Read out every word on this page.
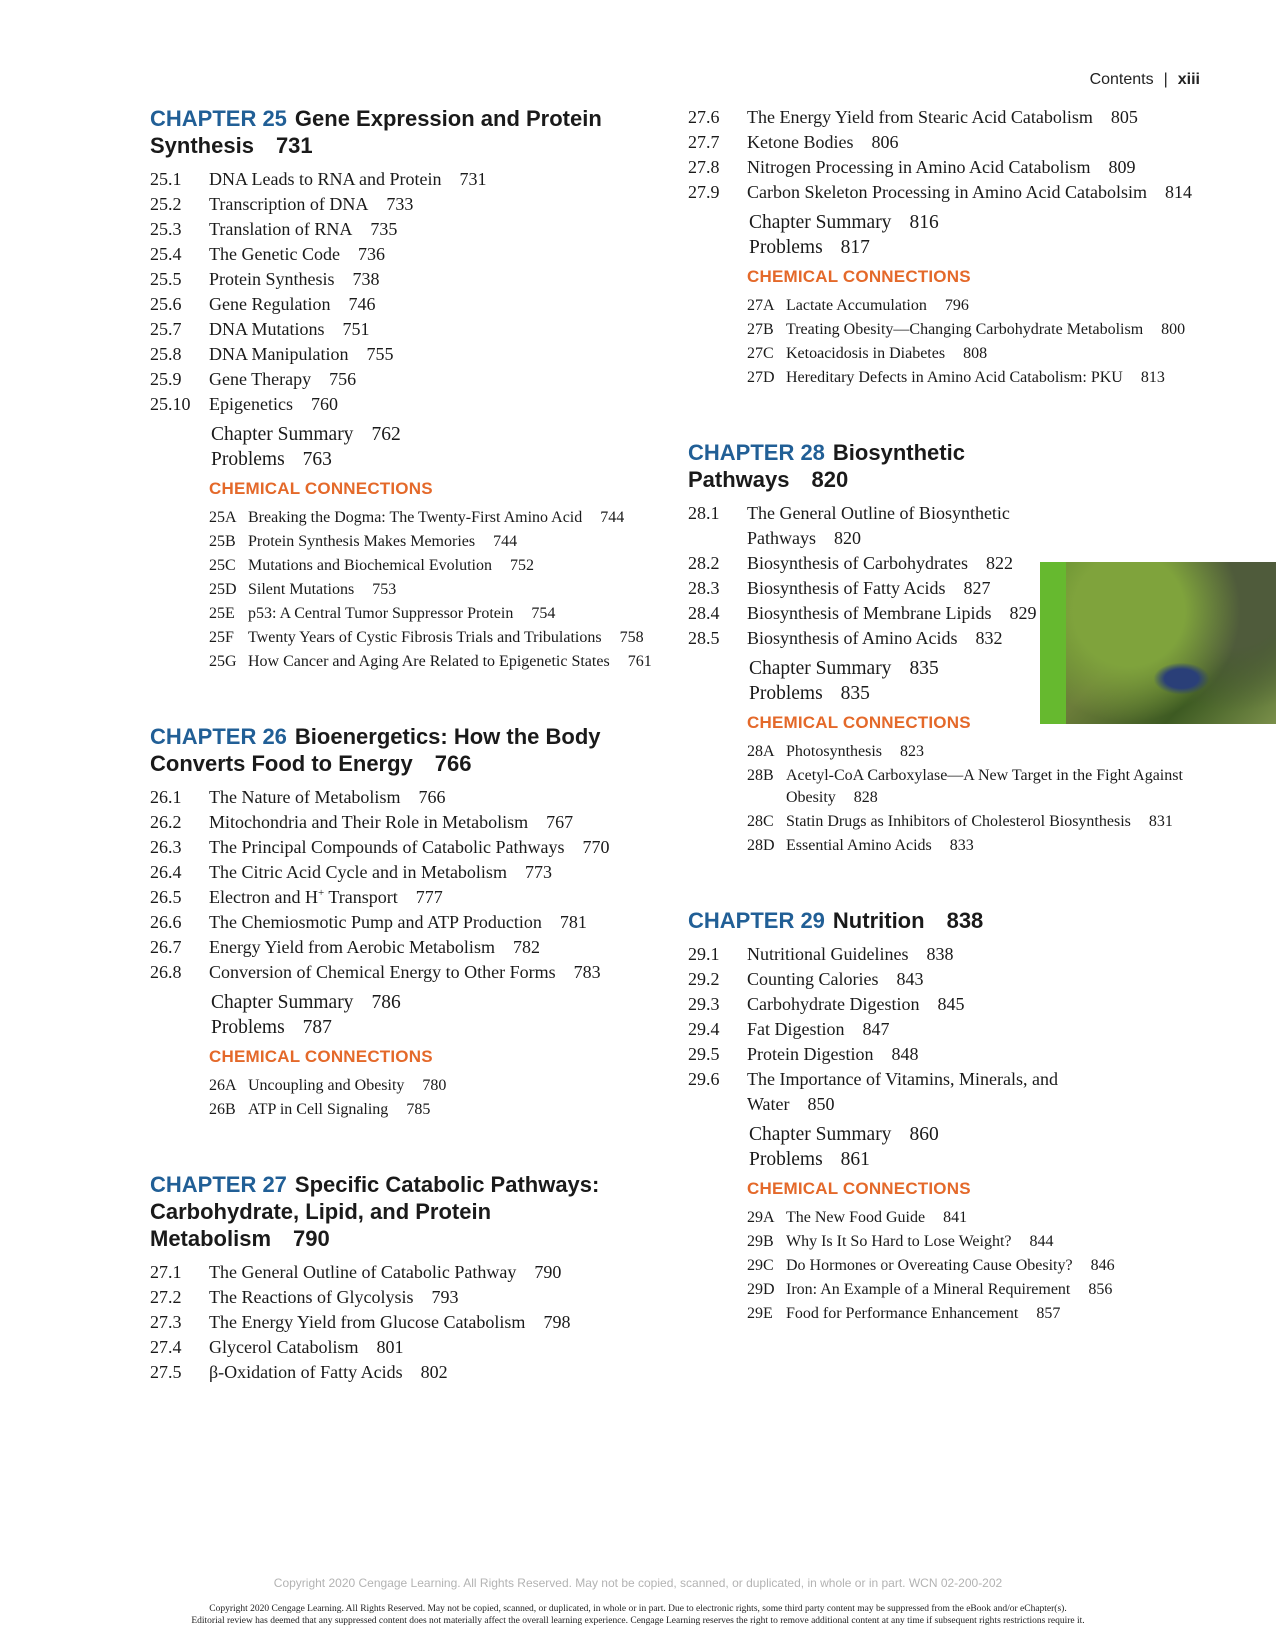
Contents | xiii
CHAPTER 25 Gene Expression and Protein Synthesis 731
25.1	DNA Leads to RNA and Protein 731
25.2	Transcription of DNA 733
25.3	Translation of RNA 735
25.4	The Genetic Code 736
25.5	Protein Synthesis 738
25.6	Gene Regulation 746
25.7	DNA Mutations 751
25.8	DNA Manipulation 755
25.9	Gene Therapy 756
25.10	Epigenetics 760
Chapter Summary 762
Problems 763
CHEMICAL CONNECTIONS
25A Breaking the Dogma: The Twenty-First Amino Acid 744
25B Protein Synthesis Makes Memories 744
25C Mutations and Biochemical Evolution 752
25D Silent Mutations 753
25E p53: A Central Tumor Suppressor Protein 754
25F Twenty Years of Cystic Fibrosis Trials and Tribulations 758
25G How Cancer and Aging Are Related to Epigenetic States 761
CHAPTER 26 Bioenergetics: How the Body Converts Food to Energy 766
26.1	The Nature of Metabolism 766
26.2	Mitochondria and Their Role in Metabolism 767
26.3	The Principal Compounds of Catabolic Pathways 770
26.4	The Citric Acid Cycle and in Metabolism 773
26.5	Electron and H+ Transport 777
26.6	The Chemiosmotic Pump and ATP Production 781
26.7	Energy Yield from Aerobic Metabolism 782
26.8	Conversion of Chemical Energy to Other Forms 783
Chapter Summary 786
Problems 787
CHEMICAL CONNECTIONS
26A Uncoupling and Obesity 780
26B ATP in Cell Signaling 785
CHAPTER 27 Specific Catabolic Pathways: Carbohydrate, Lipid, and Protein Metabolism 790
27.1	The General Outline of Catabolic Pathway 790
27.2	The Reactions of Glycolysis 793
27.3	The Energy Yield from Glucose Catabolism 798
27.4	Glycerol Catabolism 801
27.5	β-Oxidation of Fatty Acids 802
27.6	The Energy Yield from Stearic Acid Catabolism 805
27.7	Ketone Bodies 806
27.8	Nitrogen Processing in Amino Acid Catabolism 809
27.9	Carbon Skeleton Processing in Amino Acid Catabolsim 814
Chapter Summary 816
Problems 817
CHEMICAL CONNECTIONS
27A Lactate Accumulation 796
27B Treating Obesity—Changing Carbohydrate Metabolism 800
27C Ketoacidosis in Diabetes 808
27D Hereditary Defects in Amino Acid Catabolism: PKU 813
CHAPTER 28 Biosynthetic Pathways 820
28.1	The General Outline of Biosynthetic Pathways 820
28.2	Biosynthesis of Carbohydrates 822
28.3	Biosynthesis of Fatty Acids 827
28.4	Biosynthesis of Membrane Lipids 829
28.5	Biosynthesis of Amino Acids 832
Chapter Summary 835
Problems 835
CHEMICAL CONNECTIONS
28A Photosynthesis 823
28B Acetyl-CoA Carboxylase—A New Target in the Fight Against Obesity 828
28C Statin Drugs as Inhibitors of Cholesterol Biosynthesis 831
28D Essential Amino Acids 833
CHAPTER 29 Nutrition 838
29.1	Nutritional Guidelines 838
29.2	Counting Calories 843
29.3	Carbohydrate Digestion 845
29.4	Fat Digestion 847
29.5	Protein Digestion 848
29.6	The Importance of Vitamins, Minerals, and Water 850
Chapter Summary 860
Problems 861
CHEMICAL CONNECTIONS
29A The New Food Guide 841
29B Why Is It So Hard to Lose Weight? 844
29C Do Hormones or Overeating Cause Obesity? 846
29D Iron: An Example of a Mineral Requirement 856
29E Food for Performance Enhancement 857
Copyright 2020 Cengage Learning. All Rights Reserved. May not be copied, scanned, or duplicated, in whole or in part. WCN 02-200-202
Copyright 2020 Cengage Learning. All Rights Reserved. May not be copied, scanned, or duplicated, in whole or in part. Due to electronic rights, some third party content may be suppressed from the eBook and/or eChapter(s).
Editorial review has deemed that any suppressed content does not materially affect the overall learning experience. Cengage Learning reserves the right to remove additional content at any time if subsequent rights restrictions require it.
